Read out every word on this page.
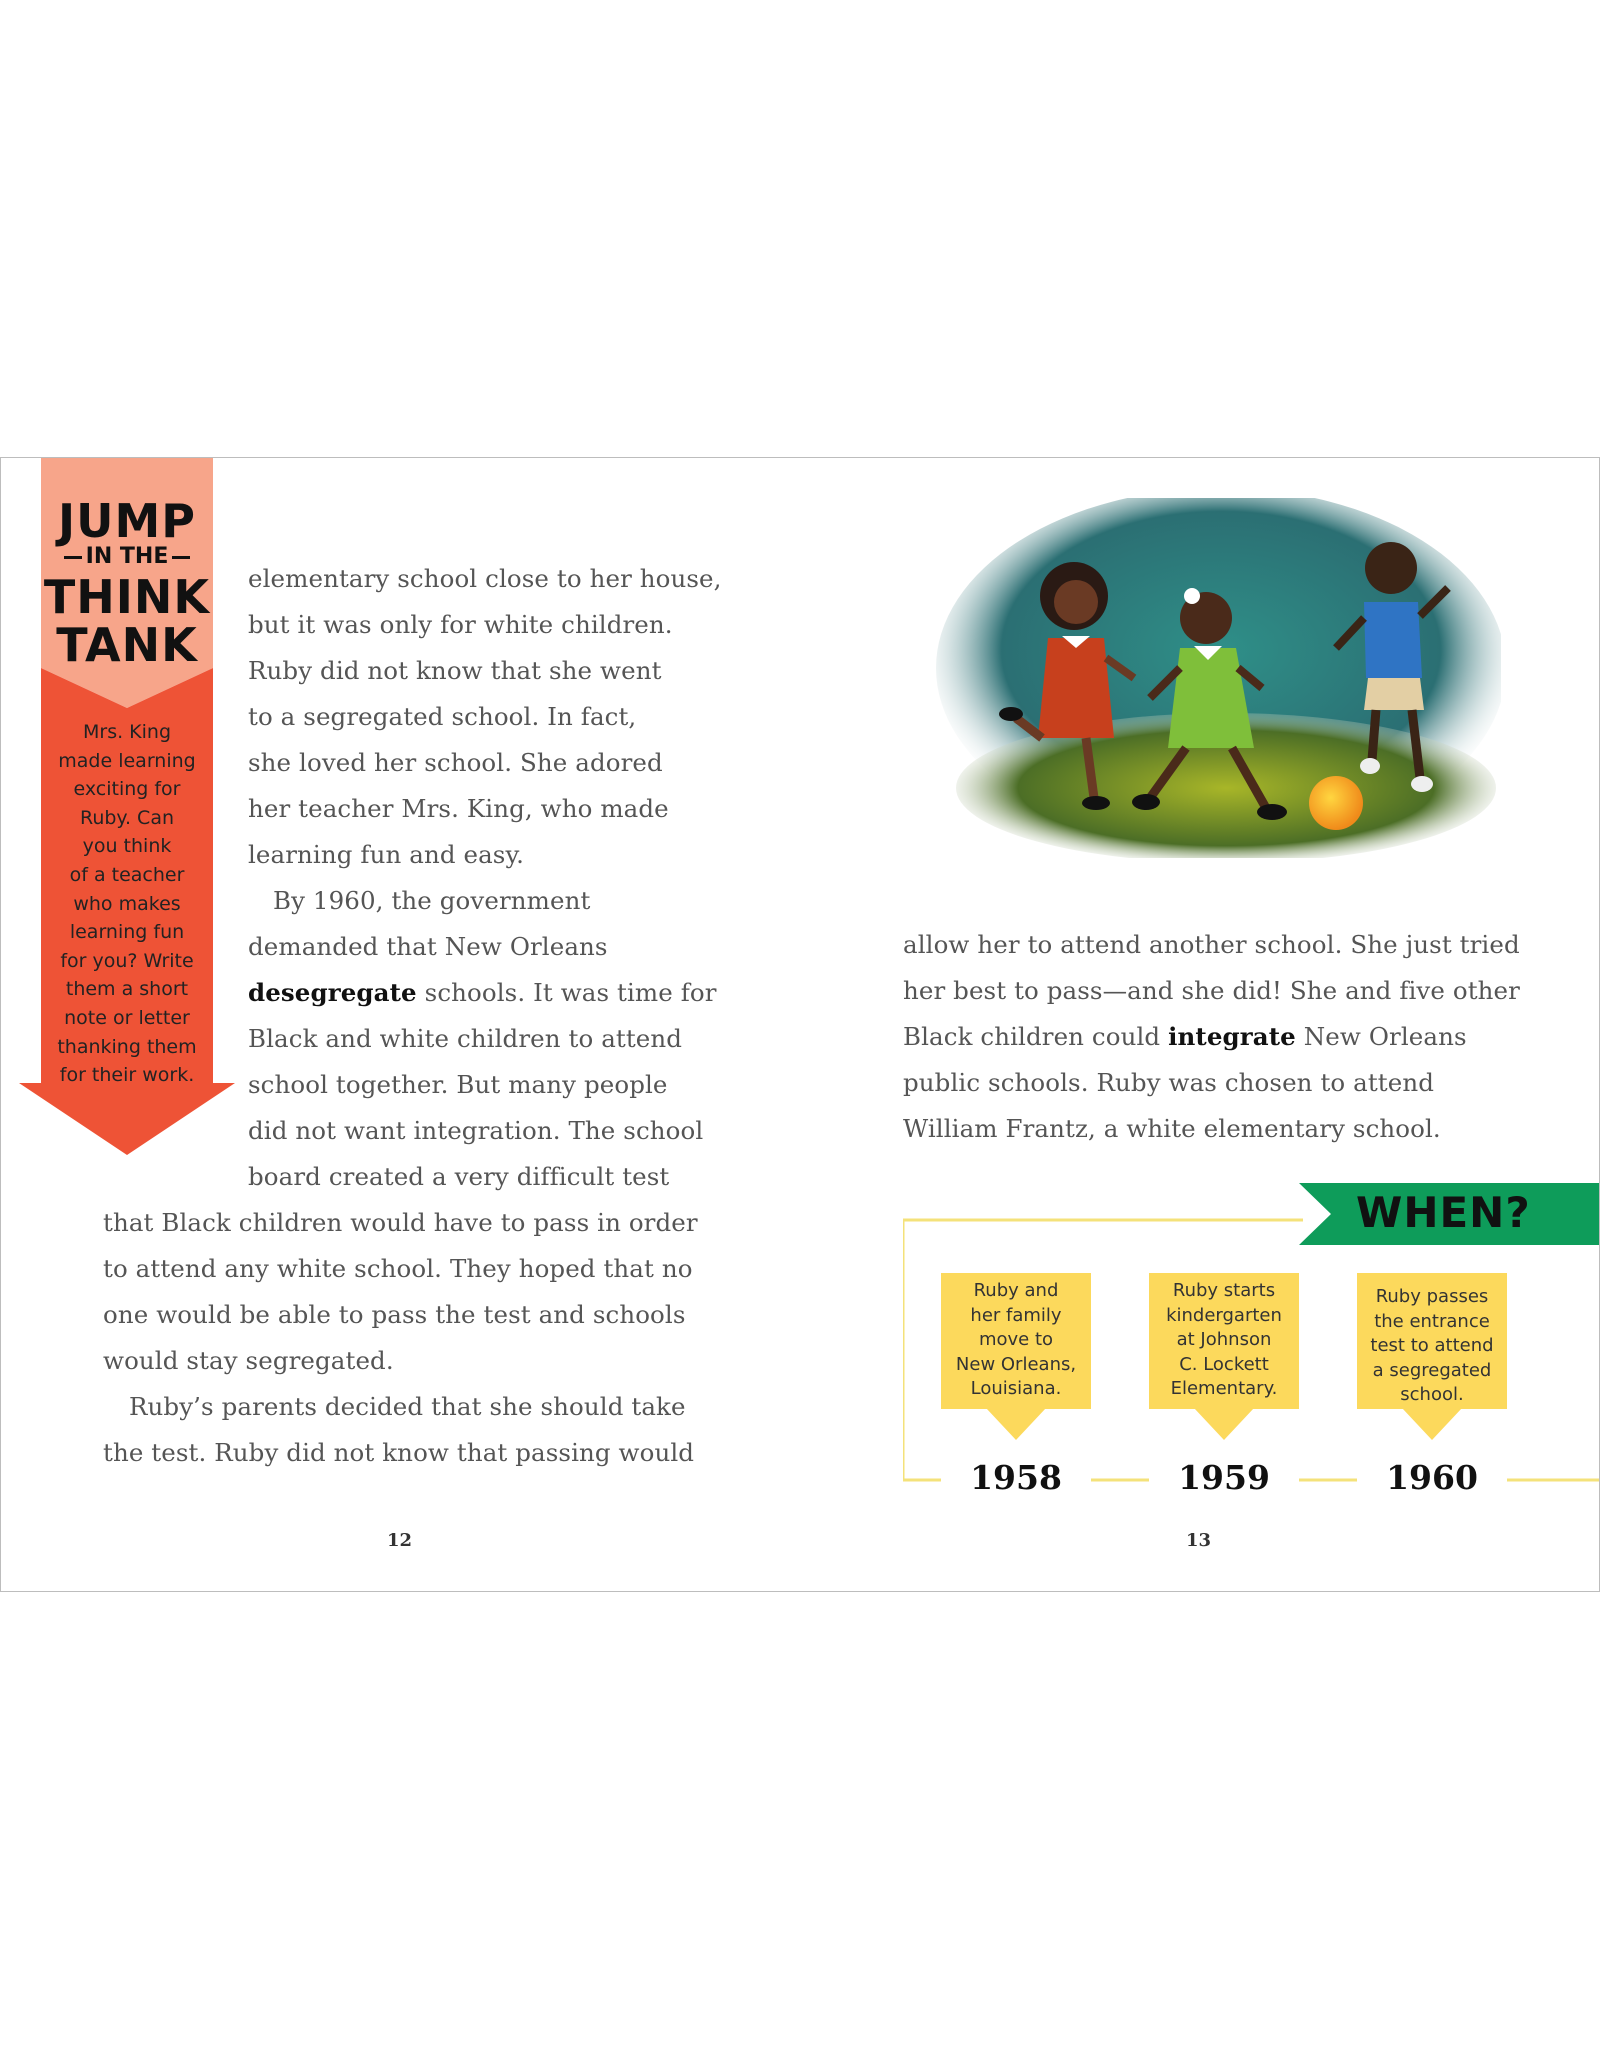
JUMP
IN THE
THINK
TANK
Mrs. King
made learning
exciting for
Ruby. Can
you think
of a teacher
who makes
learning fun
for you? Write
them a short
note or letter
thanking them
for their work.
elementary school close to her house,
but it was only for white children.
Ruby did not know that she went
to a segregated school. In fact,
she loved her school. She adored
her teacher Mrs. King, who made
learning fun and easy.
By 1960, the government
demanded that New Orleans
desegregate schools. It was time for
Black and white children to attend
school together. But many people
did not want integration. The school
board created a very difficult test
that Black children would have to pass in order
to attend any white school. They hoped that no
one would be able to pass the test and schools
would stay segregated.
Ruby’s parents decided that she should take
the test. Ruby did not know that passing would
12
allow her to attend another school. She just tried
her best to pass—and she did! She and five other
Black children could integrate New Orleans
public schools. Ruby was chosen to attend
William Frantz, a white elementary school.
WHEN?
Ruby and
her family
move to
New Orleans,
Louisiana.
1958
Ruby starts
kindergarten
at Johnson
C. Lockett
Elementary.
1959
Ruby passes
the entrance
test to attend
a segregated
school.
1960
13
